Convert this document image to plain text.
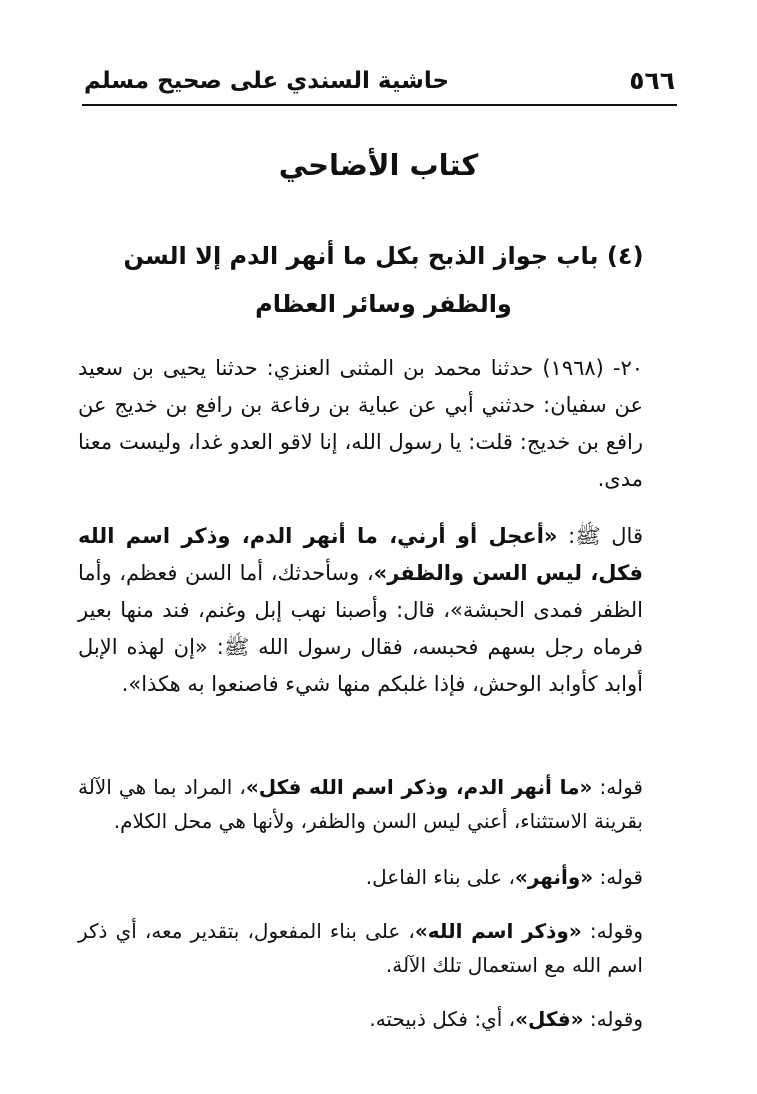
٥٦٦
حاشية السندي على صحيح مسلم
كتاب الأضاحي
(٤) باب جواز الذبح بكل ما أنهر الدم إلا السن والظفر وسائر العظام

٢٠- (١٩٦٨) حدثنا محمد بن المثنى العنزي: حدثنا يحيى بن سعيد عن سفيان: حدثني أبي عن عباية بن رفاعة بن رافع بن خديج عن رافع بن خديج: قلت: يا رسول الله، إنا لاقو العدو غدا، وليست معنا مدى.

قال ﷺ: «أعجل أو أرني، ما أنهر الدم، وذكر اسم الله فكل، ليس السن والظفر»، وسأحدثك، أما السن فعظم، وأما الظفر فمدى الحبشة»، قال: وأصبنا نهب إبل وغنم، فند منها بعير فرماه رجل بسهم فحبسه، فقال رسول الله ﷺ: «إن لهذه الإبل أوابد كأوابد الوحش، فإذا غلبكم منها شيء فاصنعوا به هكذا».

قوله: «ما أنهر الدم، وذكر اسم الله فكل»، المراد بما هي الآلة بقرينة الاستثناء، أعني ليس السن والظفر، ولأنها هي محل الكلام.

قوله: «وأنهر»، على بناء الفاعل.

وقوله: «وذكر اسم الله»، على بناء المفعول، بتقدير معه، أي ذكر اسم الله مع استعمال تلك الآلة.

وقوله: «فكل»، أي: فكل ذبيحته.
